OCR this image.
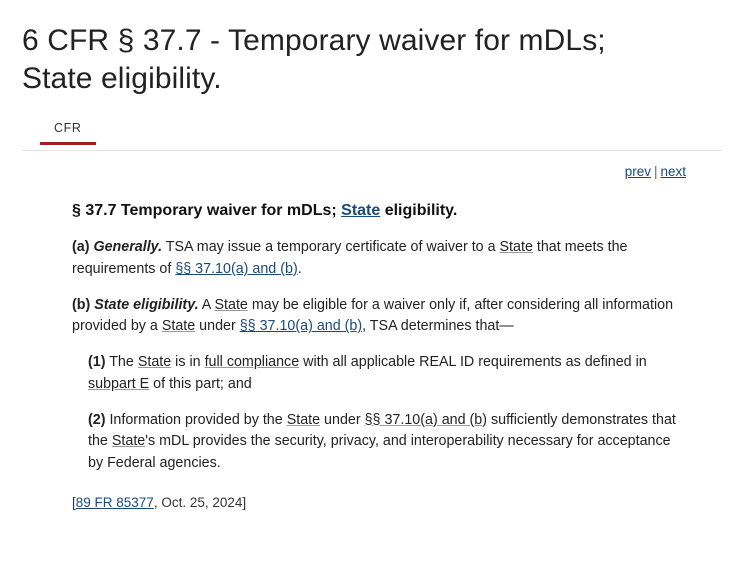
6 CFR § 37.7 - Temporary waiver for mDLs; State eligibility.
CFR
prev | next
§ 37.7 Temporary waiver for mDLs; State eligibility.

(a) Generally. TSA may issue a temporary certificate of waiver to a State that meets the requirements of §§ 37.10(a) and (b).

(b) State eligibility. A State may be eligible for a waiver only if, after considering all information provided by a State under §§ 37.10(a) and (b), TSA determines that—

(1) The State is in full compliance with all applicable REAL ID requirements as defined in subpart E of this part; and

(2) Information provided by the State under §§ 37.10(a) and (b) sufficiently demonstrates that the State's mDL provides the security, privacy, and interoperability necessary for acceptance by Federal agencies.

[89 FR 85377, Oct. 25, 2024]
